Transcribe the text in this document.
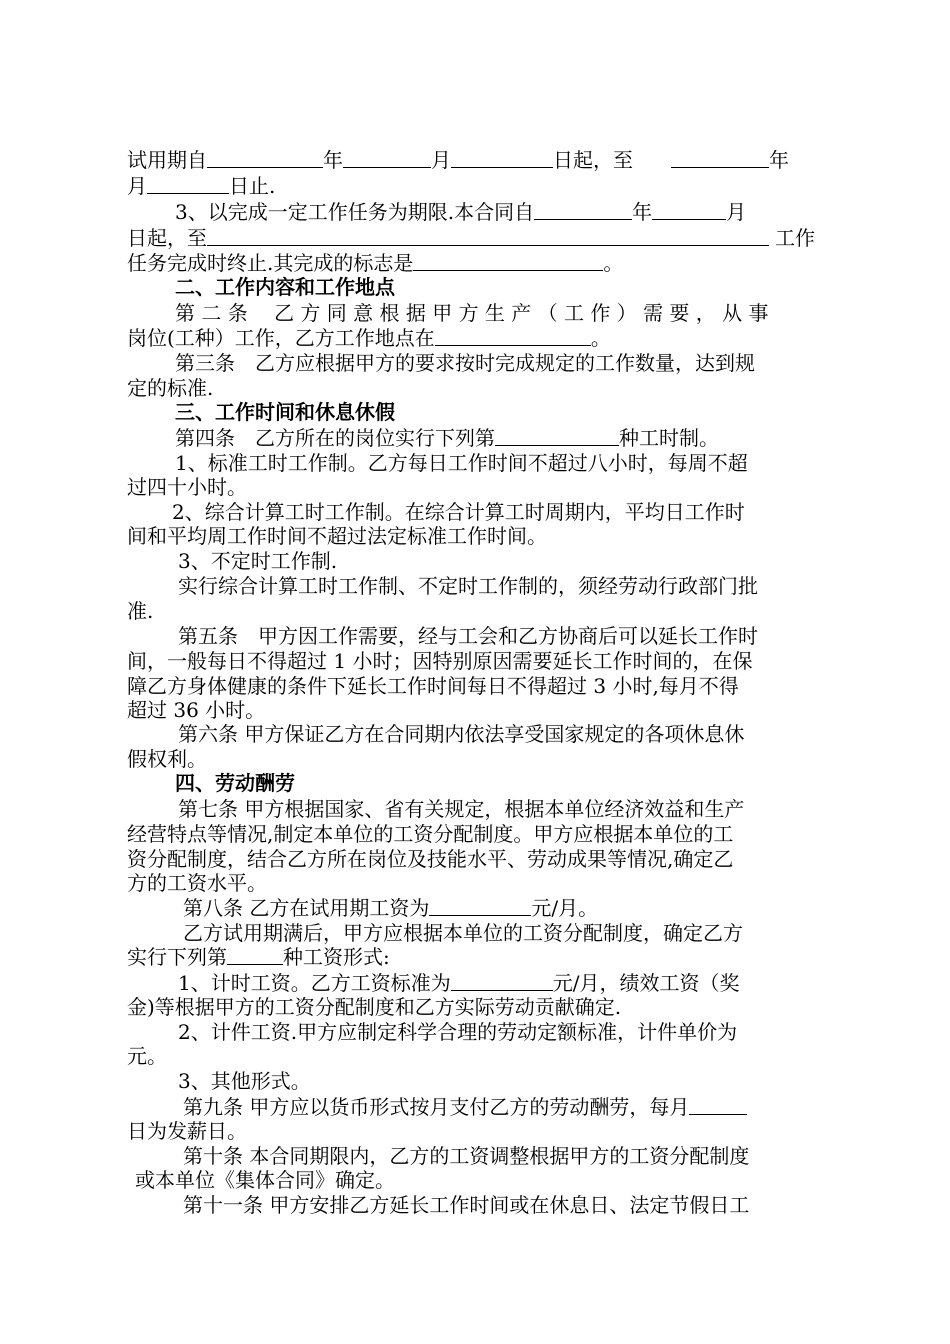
试用期自	年	月	日起，至	年
月	日止.
3、以完成一定工作任务为期限.本合同自	年	月
日起，至	工作
任务完成时终止.其完成的标志是	。
二、工作内容和工作地点
第 二 条　 乙 方 同 意 根 据 甲 方 生 产 （ 工 作 ） 需 要 ， 从 事
岗位(工种）工作，乙方工作地点在	。
第三条　乙方应根据甲方的要求按时完成规定的工作数量，达到规
定的标准.
三、工作时间和休息休假
第四条　乙方所在的岗位实行下列第	种工时制。
1、标准工时工作制。乙方每日工作时间不超过八小时，每周不超
过四十小时。
2、综合计算工时工作制。在综合计算工时周期内，平均日工作时
间和平均周工作时间不超过法定标准工作时间。
3、不定时工作制.
实行综合计算工时工作制、不定时工作制的，须经劳动行政部门批
准.
第五条　甲方因工作需要，经与工会和乙方协商后可以延长工作时
间，一般每日不得超过 1 小时；因特别原因需要延长工作时间的，在保
障乙方身体健康的条件下延长工作时间每日不得超过 3 小时,每月不得
超过 36 小时。
第六条 甲方保证乙方在合同期内依法享受国家规定的各项休息休
假权利。
四、劳动酬劳
第七条 甲方根据国家、省有关规定，根据本单位经济效益和生产
经营特点等情况,制定本单位的工资分配制度。甲方应根据本单位的工
资分配制度，结合乙方所在岗位及技能水平、劳动成果等情况,确定乙
方的工资水平。
第八条 乙方在试用期工资为	元/月。
乙方试用期满后，甲方应根据本单位的工资分配制度，确定乙方
实行下列第	种工资形式:
1、计时工资。乙方工资标准为	元/月，绩效工资（奖
金)等根据甲方的工资分配制度和乙方实际劳动贡献确定.
2、计件工资.甲方应制定科学合理的劳动定额标准，计件单价为
元。
3、其他形式。
第九条 甲方应以货币形式按月支付乙方的劳动酬劳，每月
日为发薪日。
第十条 本合同期限内，乙方的工资调整根据甲方的工资分配制度
或本单位《集体合同》确定。
第十一条 甲方安排乙方延长工作时间或在休息日、法定节假日工
